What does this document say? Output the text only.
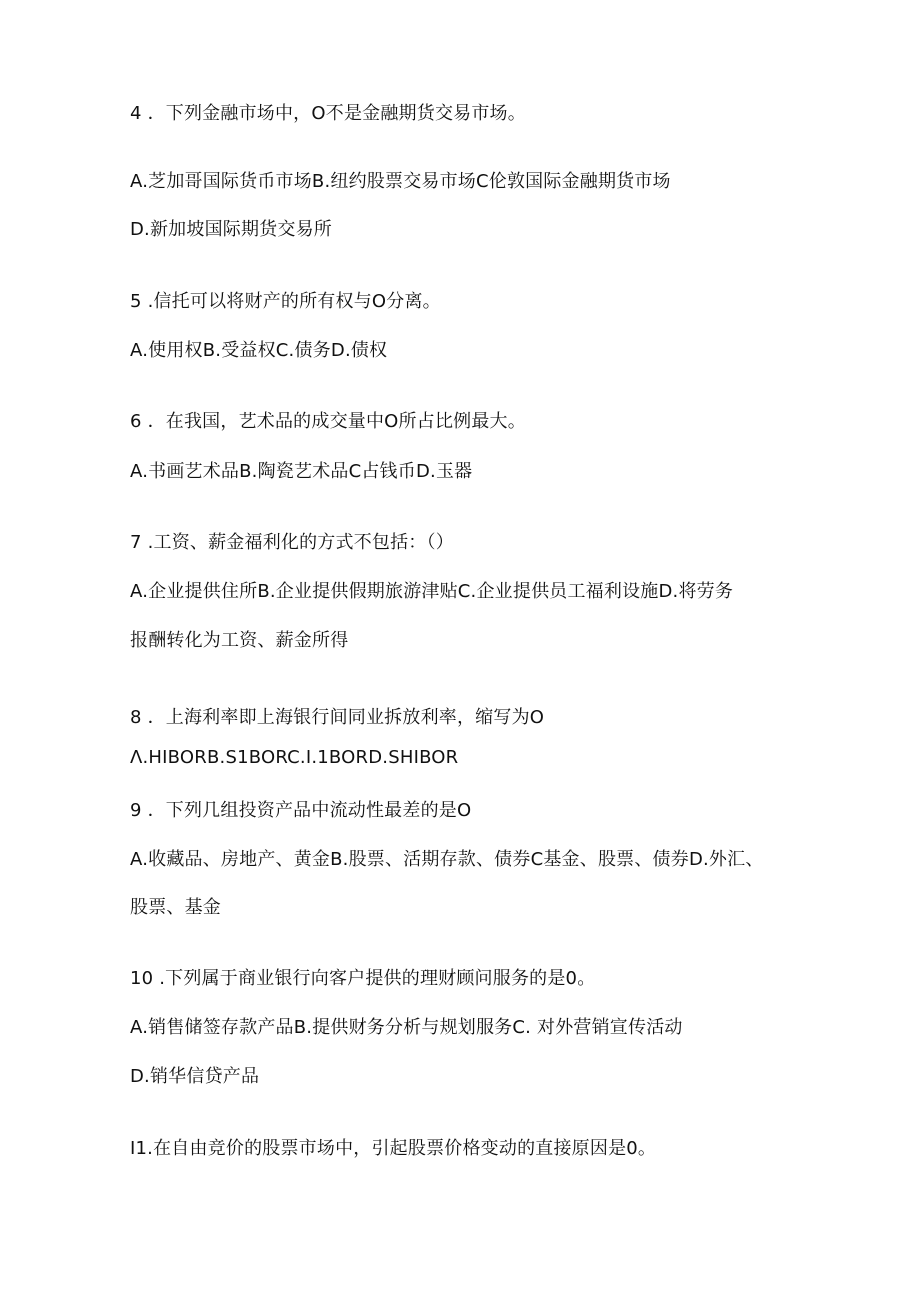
4 ．下列金融市场中，O不是金融期货交易市场。
A.芝加哥国际货币市场B.纽约股票交易市场C伦敦国际金融期货市场
D.新加坡国际期货交易所
5 .信托可以将财产的所有权与O分离。
A.使用权B.受益权C.债务D.债权
6 ．在我国，艺术品的成交量中O所占比例最大。
A.书画艺术品B.陶瓷艺术品C占钱币D.玉器
7 .工资、薪金福利化的方式不包括：（）
A.企业提供住所B.企业提供假期旅游津贴C.企业提供员工福利设施D.将劳务
报酬转化为工资、薪金所得
8 ．上海利率即上海银行间同业拆放利率，缩写为O
Λ.HIBORB.S1BORC.I.1BORD.SHIBOR
9 ．下列几组投资产品中流动性最差的是O
A.收藏品、房地产、黄金B.股票、活期存款、债券C基金、股票、债券D.外汇、
股票、基金
10 .下列属于商业银行向客户提供的理财顾问服务的是0。
A.销售储签存款产品B.提供财务分析与规划服务C. 对外营销宣传活动
D.销华信贷产品
I1.在自由竞价的股票市场中，引起股票价格变动的直接原因是0。
